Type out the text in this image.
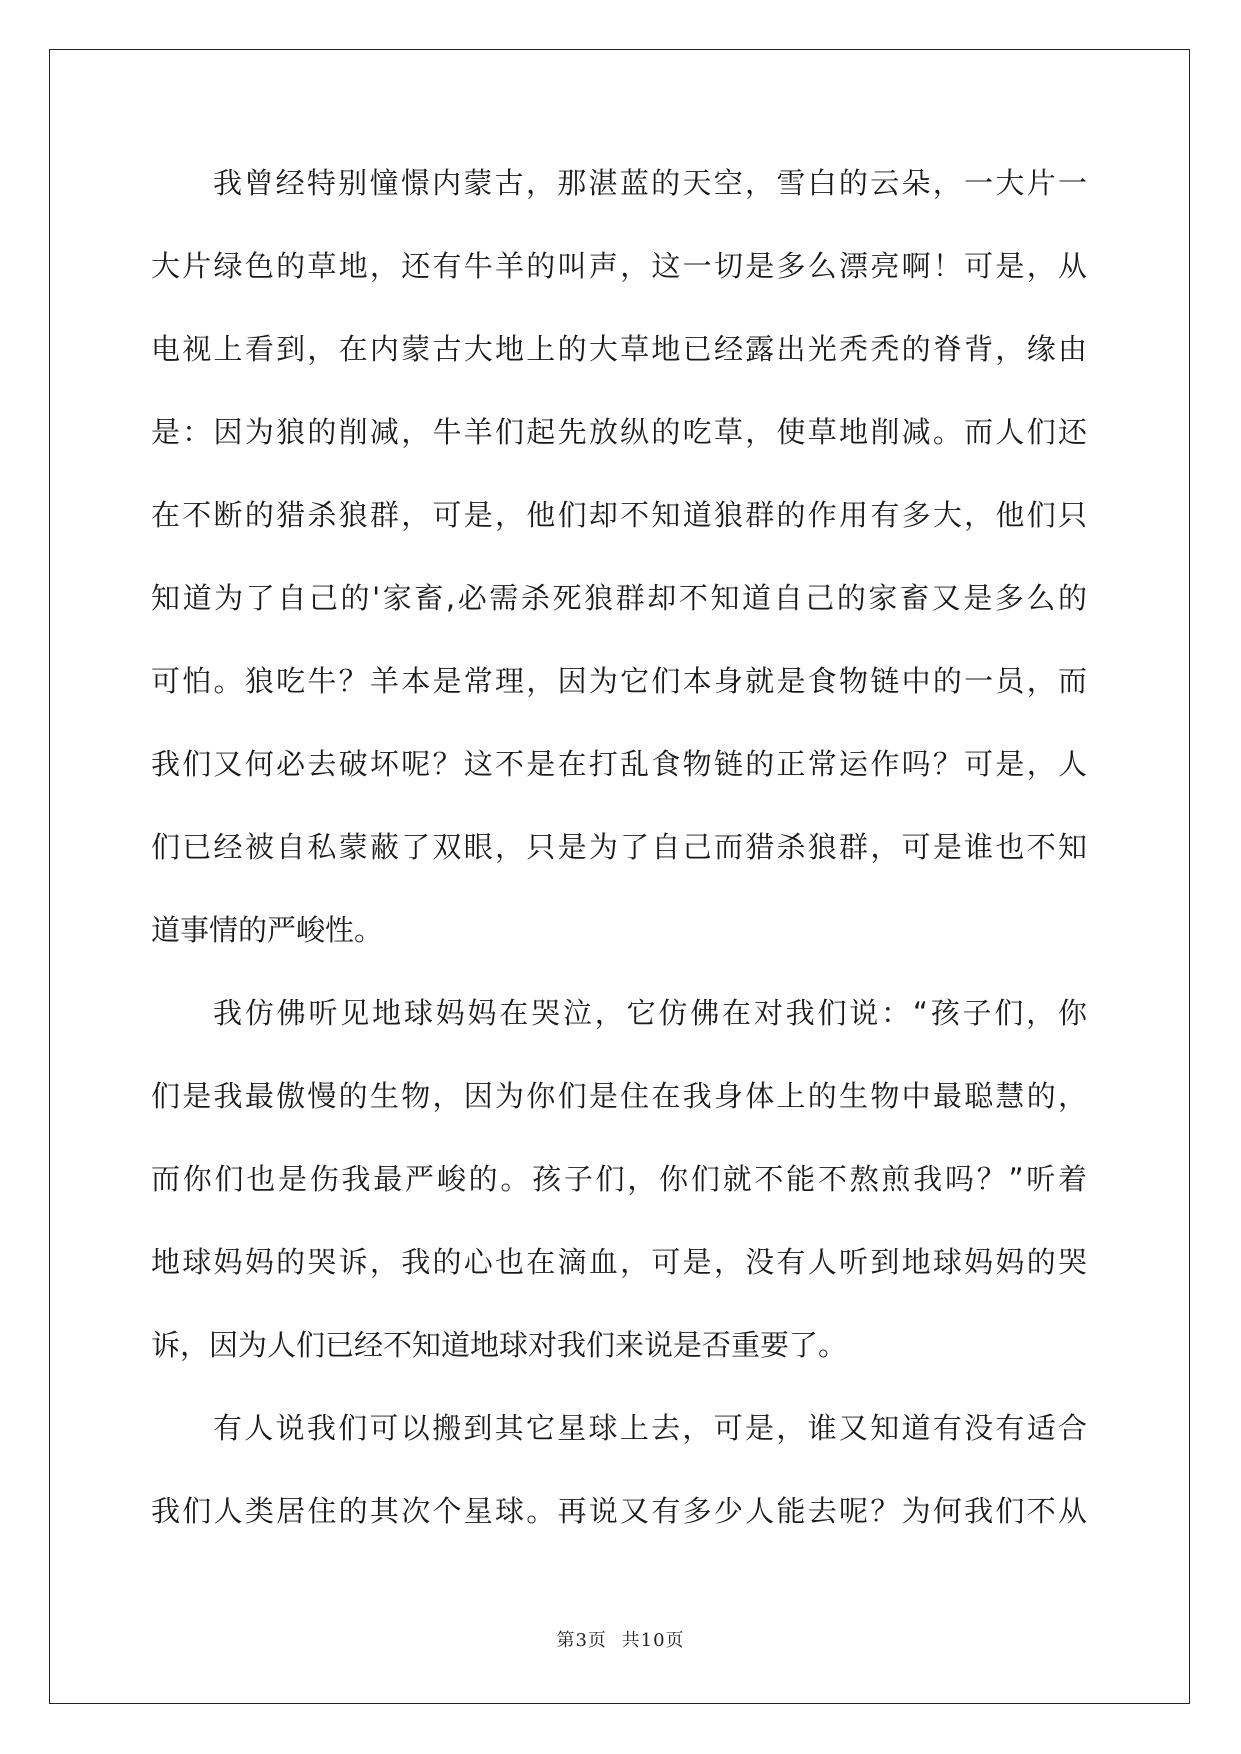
我曾经特别憧憬内蒙古，那湛蓝的天空，雪白的云朵，一大片一
大片绿色的草地，还有牛羊的叫声，这一切是多么漂亮啊！可是，从
电视上看到，在内蒙古大地上的大草地已经露出光秃秃的脊背，缘由
是：因为狼的削减，牛羊们起先放纵的吃草，使草地削减。而人们还
在不断的猎杀狼群，可是，他们却不知道狼群的作用有多大，他们只
知道为了自己的'家畜,必需杀死狼群却不知道自己的家畜又是多么的
可怕。狼吃牛？羊本是常理，因为它们本身就是食物链中的一员，而
我们又何必去破坏呢？这不是在打乱食物链的正常运作吗？可是，人
们已经被自私蒙蔽了双眼，只是为了自己而猎杀狼群，可是谁也不知
道事情的严峻性。
我仿佛听见地球妈妈在哭泣，它仿佛在对我们说：“孩子们，你
们是我最傲慢的生物，因为你们是住在我身体上的生物中最聪慧的，
而你们也是伤我最严峻的。孩子们，你们就不能不熬煎我吗？”听着
地球妈妈的哭诉，我的心也在滴血，可是，没有人听到地球妈妈的哭
诉，因为人们已经不知道地球对我们来说是否重要了。
有人说我们可以搬到其它星球上去，可是，谁又知道有没有适合
我们人类居住的其次个星球。再说又有多少人能去呢？为何我们不从
第3页 共10页
